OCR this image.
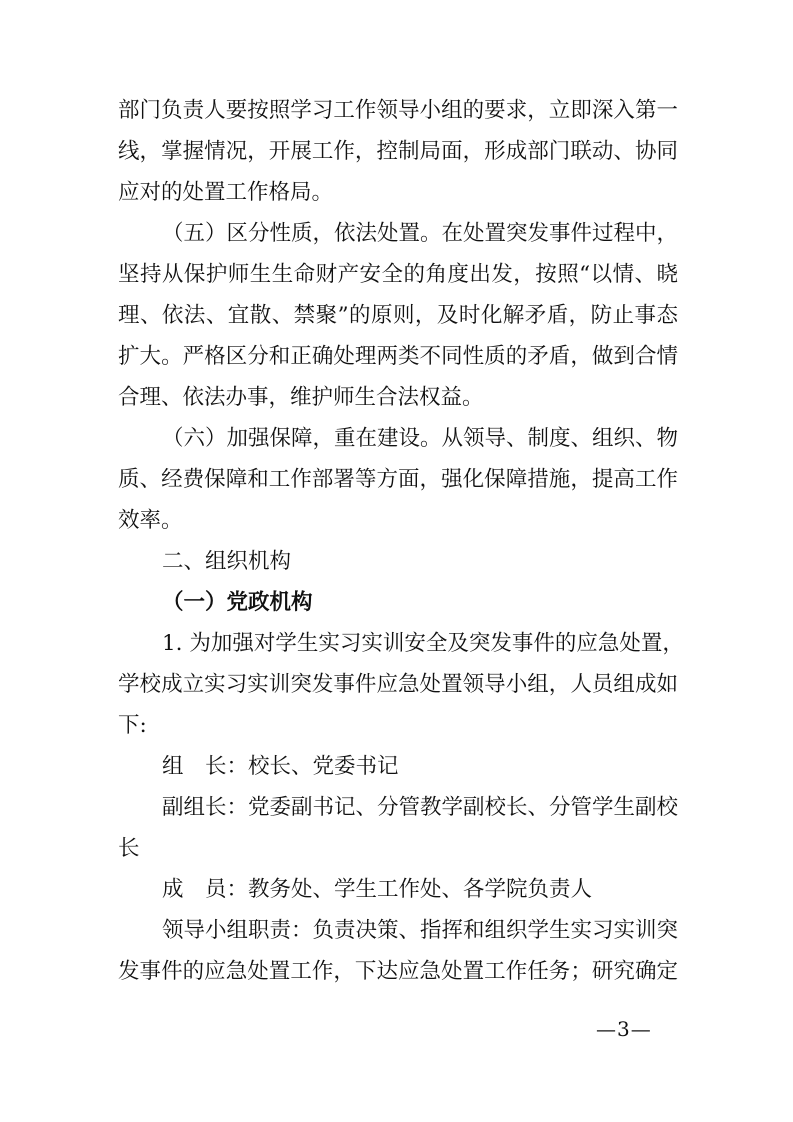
部门负责人要按照学习工作领导小组的要求，立即深入第一
线，掌握情况，开展工作，控制局面，形成部门联动、协同
应对的处置工作格局。
（五）区分性质，依法处置。在处置突发事件过程中，
坚持从保护师生生命财产安全的角度出发，按照“以情、晓
理、依法、宜散、禁聚”的原则，及时化解矛盾，防止事态
扩大。严格区分和正确处理两类不同性质的矛盾，做到合情
合理、依法办事，维护师生合法权益。
（六）加强保障，重在建设。从领导、制度、组织、物
质、经费保障和工作部署等方面，强化保障措施，提高工作
效率。
二、组织机构
（一）党政机构
1. 为加强对学生实习实训安全及突发事件的应急处置，
学校成立实习实训突发事件应急处置领导小组，人员组成如
下:
组　长：校长、党委书记
副组长：党委副书记、分管教学副校长、分管学生副校
长
成　员：教务处、学生工作处、各学院负责人
领导小组职责：负责决策、指挥和组织学生实习实训突
发事件的应急处置工作，下达应急处置工作任务；研究确定
—3—
